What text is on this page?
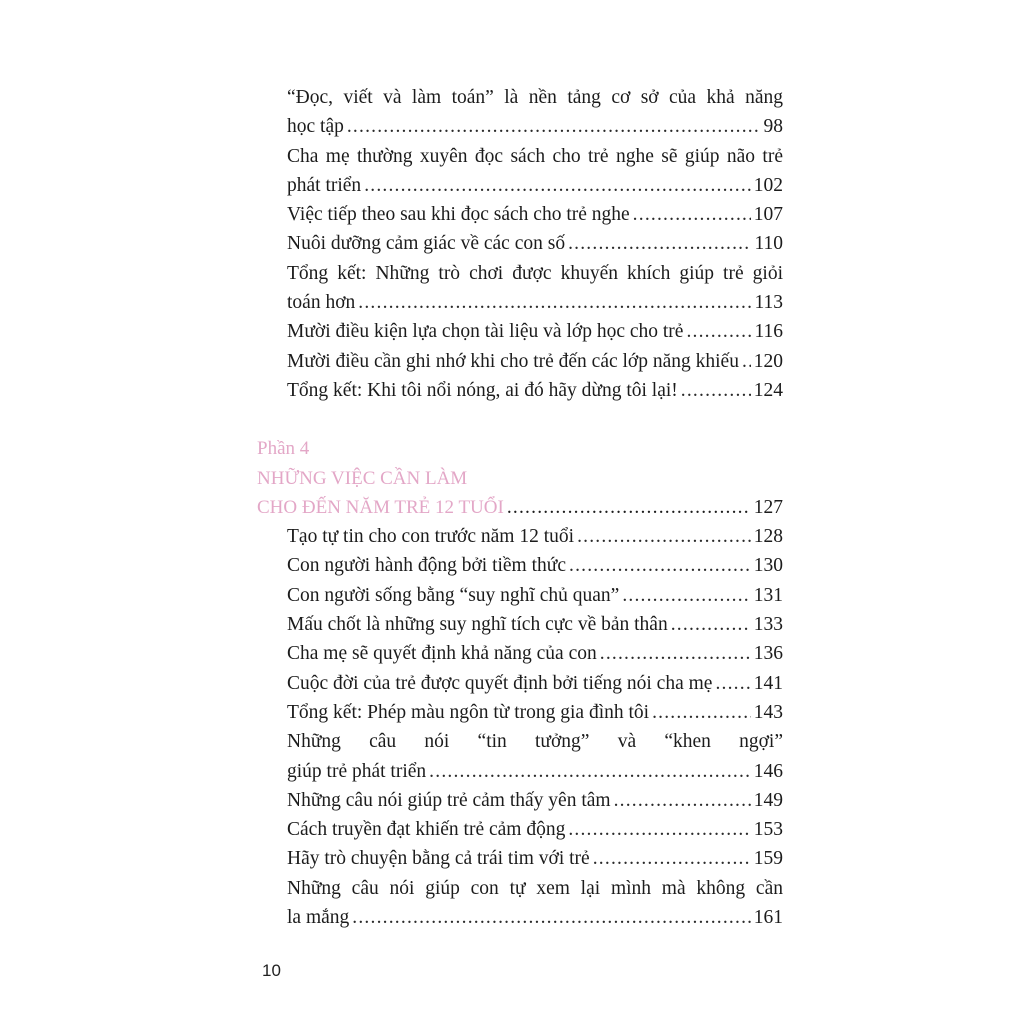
“Đọc, viết và làm toán” là nền tảng cơ sở của khả năng
học tập .....	98
Cha mẹ thường xuyên đọc sách cho trẻ nghe sẽ giúp não trẻ
phát triển .....	102
Việc tiếp theo sau khi đọc sách cho trẻ nghe .....	107
Nuôi dưỡng cảm giác về các con số .....	110
Tổng kết: Những trò chơi được khuyến khích giúp trẻ giỏi
toán hơn .....	113
Mười điều kiện lựa chọn tài liệu và lớp học cho trẻ .....	116
Mười điều cần ghi nhớ khi cho trẻ đến các lớp năng khiếu ..... 120
Tổng kết: Khi tôi nổi nóng, ai đó hãy dừng tôi lại! .....	124
Phần 4
NHỮNG VIỆC CẦN LÀM
CHO ĐẾN NĂM TRẺ 12 TUỔI .....	127
Tạo tự tin cho con trước năm 12 tuổi .....	128
Con người hành động bởi tiềm thức .....	130
Con người sống bằng “suy nghĩ chủ quan” .....	131
Mấu chốt là những suy nghĩ tích cực về bản thân .....	133
Cha mẹ sẽ quyết định khả năng của con .....	136
Cuộc đời của trẻ được quyết định bởi tiếng nói cha mẹ ..... 141
Tổng kết: Phép màu ngôn từ trong gia đình tôi .....	143
Những câu nói “tin tưởng” và “khen ngợi”
giúp trẻ phát triển .....	146
Những câu nói giúp trẻ cảm thấy yên tâm .....	149
Cách truyền đạt khiến trẻ cảm động .....	153
Hãy trò chuyện bằng cả trái tim với trẻ .....	159
Những câu nói giúp con tự xem lại mình mà không cần
la mắng .....	161
10
